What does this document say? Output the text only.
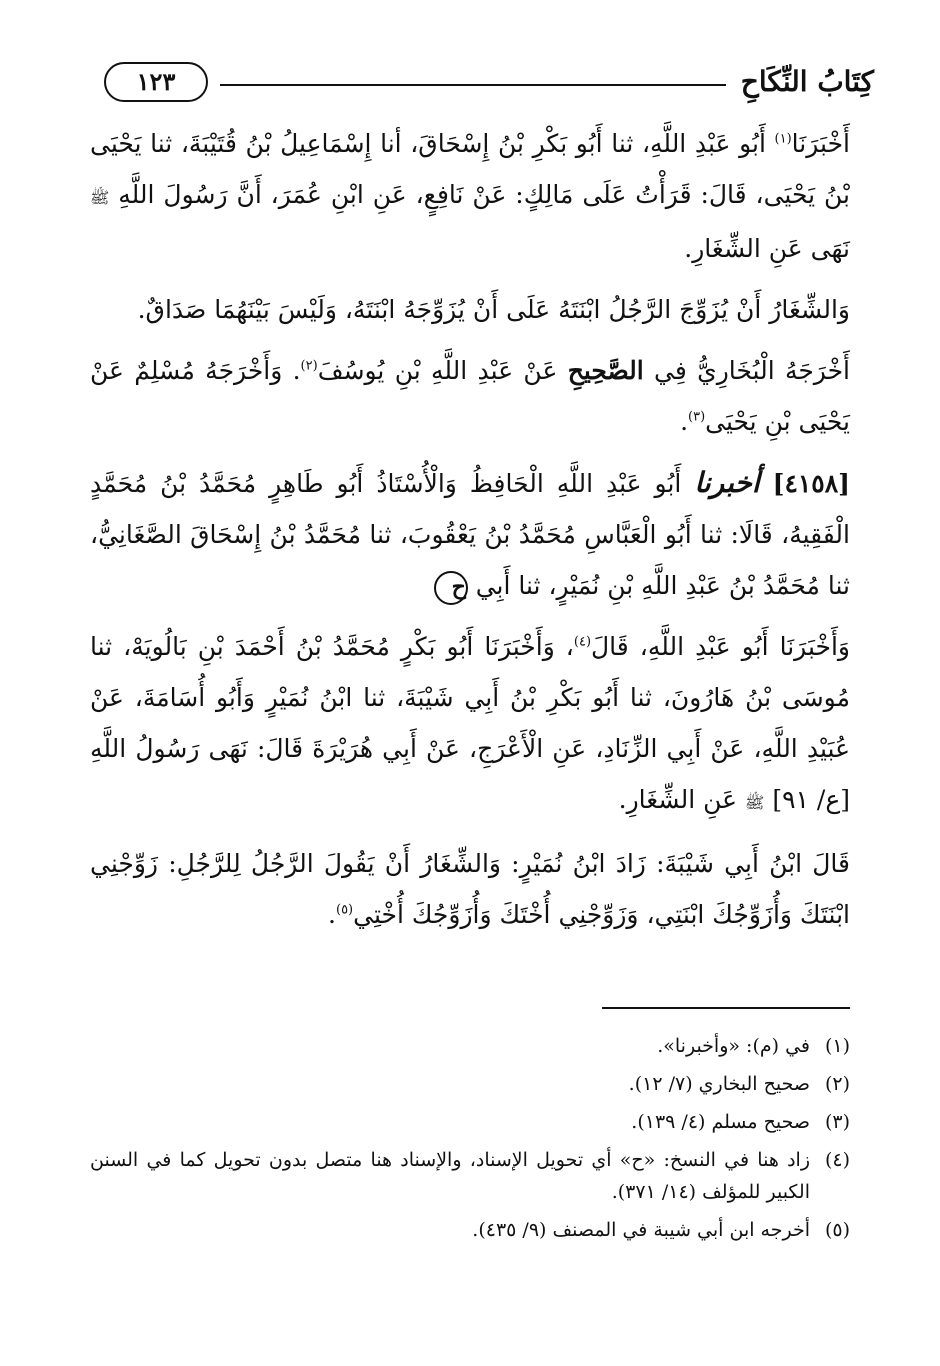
كِتَابُ النِّكَاحِ
١٢٣

أَخْبَرَنَا$^{(١)}$ أَبُو عَبْدِ اللَّهِ، ثنا أَبُو بَكْرِ بْنُ إِسْحَاقَ، أنا إِسْمَاعِيلُ بْنُ قُتَيْبَةَ، ثنا يَحْيَى بْنُ يَحْيَى، قَالَ: قَرَأْتُ عَلَى مَالِكٍ: عَنْ نَافِعٍ، عَنِ ابْنِ عُمَرَ، أَنَّ رَسُولَ اللَّهِ ﷺ نَهَى عَنِ الشِّغَارِ.

وَالشِّغَارُ أَنْ يُزَوِّجَ الرَّجُلُ ابْنَتَهُ عَلَى أَنْ يُزَوِّجَهُ ابْنَتَهُ، وَلَيْسَ بَيْنَهُمَا صَدَاقٌ.

أَخْرَجَهُ الْبُخَارِيُّ فِي الصَّحِيحِ عَنْ عَبْدِ اللَّهِ بْنِ يُوسُفَ$^{(٢)}$. وَأَخْرَجَهُ مُسْلِمٌ عَنْ يَحْيَى بْنِ يَحْيَى$^{(٣)}$.

[٤١٥٨] أخبرنا أَبُو عَبْدِ اللَّهِ الْحَافِظُ وَالْأُسْتَاذُ أَبُو طَاهِرٍ مُحَمَّدُ بْنُ مُحَمَّدٍ الْفَقِيهُ، قَالَا: ثنا أَبُو الْعَبَّاسِ مُحَمَّدُ بْنُ يَعْقُوبَ، ثنا مُحَمَّدُ بْنُ إِسْحَاقَ الصَّغَانِيُّ، ثنا مُحَمَّدُ بْنُ عَبْدِ اللَّهِ بْنِ نُمَيْرٍ، ثنا أَبِي ح

وَأَخْبَرَنَا أَبُو عَبْدِ اللَّهِ، قَالَ$^{(٤)}$، وَأَخْبَرَنَا أَبُو بَكْرٍ مُحَمَّدُ بْنُ أَحْمَدَ بْنِ بَالُويَهْ، ثنا مُوسَى بْنُ هَارُونَ، ثنا أَبُو بَكْرِ بْنُ أَبِي شَيْبَةَ، ثنا ابْنُ نُمَيْرٍ وَأَبُو أُسَامَةَ، عَنْ عُبَيْدِ اللَّهِ، عَنْ أَبِي الزِّنَادِ، عَنِ الْأَعْرَجِ، عَنْ أَبِي هُرَيْرَةَ قَالَ: نَهَى رَسُولُ اللَّهِ [ع/ ٩١] ﷺ عَنِ الشِّغَارِ.

قَالَ ابْنُ أَبِي شَيْبَةَ: زَادَ ابْنُ نُمَيْرٍ: وَالشِّغَارُ أَنْ يَقُولَ الرَّجُلُ لِلرَّجُلِ: زَوِّجْنِي ابْنَتَكَ وَأُزَوِّجُكَ ابْنَتِي، وَزَوِّجْنِي أُخْتَكَ وَأُزَوِّجُكَ أُخْتِي$^{(٥)}$.

(١)
في (م): «وأخبرنا».
(٢)
صحيح البخاري (٧/ ١٢).
(٣)
صحيح مسلم (٤/ ١٣٩).
(٤)
زاد هنا في النسخ: «ح» أي تحويل الإسناد، والإسناد هنا متصل بدون تحويل كما في السنن الكبير للمؤلف (١٤/ ٣٧١).
(٥)
أخرجه ابن أبي شيبة في المصنف (٩/ ٤٣٥).
